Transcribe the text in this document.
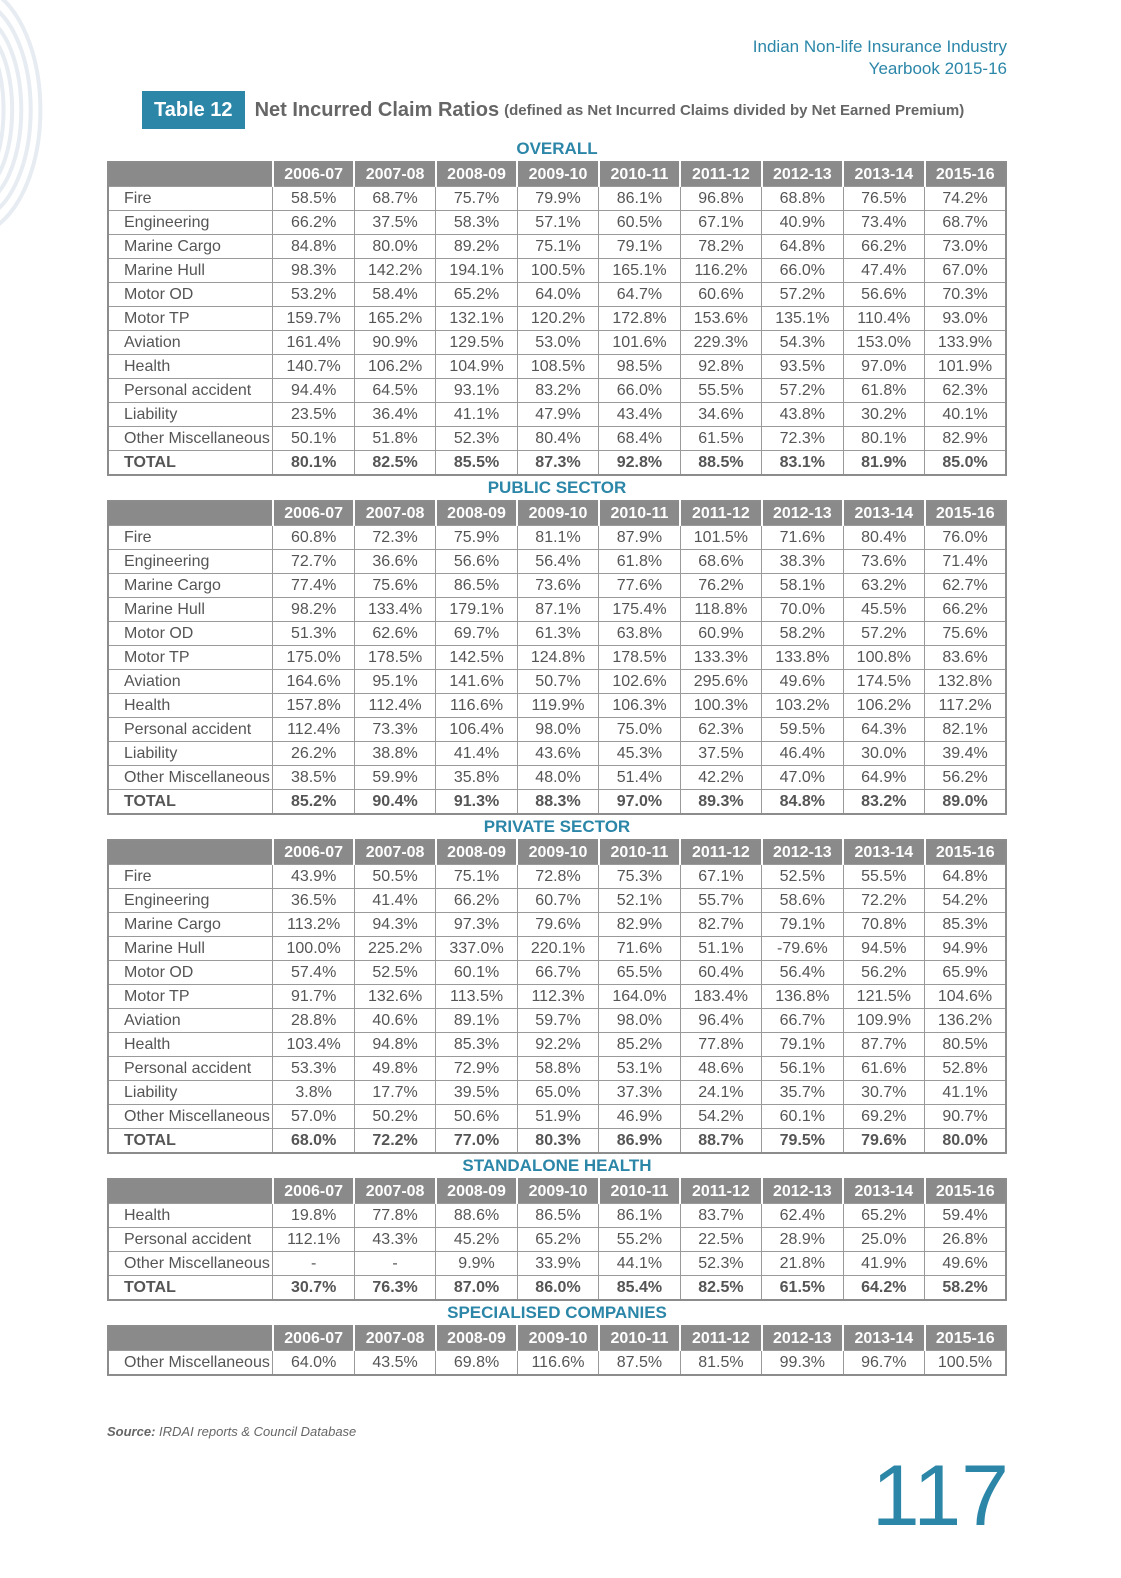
Indian Non-life Insurance Industry
Yearbook 2015-16
Table 12	Net Incurred Claim Ratios (defined as Net Incurred Claims divided by Net Earned Premium)
OVERALL
	2006-07	2007-08	2008-09	2009-10	2010-11	2011-12	2012-13	2013-14	2015-16
Fire	58.5%	68.7%	75.7%	79.9%	86.1%	96.8%	68.8%	76.5%	74.2%
Engineering	66.2%	37.5%	58.3%	57.1%	60.5%	67.1%	40.9%	73.4%	68.7%
Marine Cargo	84.8%	80.0%	89.2%	75.1%	79.1%	78.2%	64.8%	66.2%	73.0%
Marine Hull	98.3%	142.2%	194.1%	100.5%	165.1%	116.2%	66.0%	47.4%	67.0%
Motor OD	53.2%	58.4%	65.2%	64.0%	64.7%	60.6%	57.2%	56.6%	70.3%
Motor TP	159.7%	165.2%	132.1%	120.2%	172.8%	153.6%	135.1%	110.4%	93.0%
Aviation	161.4%	90.9%	129.5%	53.0%	101.6%	229.3%	54.3%	153.0%	133.9%
Health	140.7%	106.2%	104.9%	108.5%	98.5%	92.8%	93.5%	97.0%	101.9%
Personal accident	94.4%	64.5%	93.1%	83.2%	66.0%	55.5%	57.2%	61.8%	62.3%
Liability	23.5%	36.4%	41.1%	47.9%	43.4%	34.6%	43.8%	30.2%	40.1%
Other Miscellaneous	50.1%	51.8%	52.3%	80.4%	68.4%	61.5%	72.3%	80.1%	82.9%
TOTAL	80.1%	82.5%	85.5%	87.3%	92.8%	88.5%	83.1%	81.9%	85.0%
PUBLIC SECTOR
	2006-07	2007-08	2008-09	2009-10	2010-11	2011-12	2012-13	2013-14	2015-16
Fire	60.8%	72.3%	75.9%	81.1%	87.9%	101.5%	71.6%	80.4%	76.0%
Engineering	72.7%	36.6%	56.6%	56.4%	61.8%	68.6%	38.3%	73.6%	71.4%
Marine Cargo	77.4%	75.6%	86.5%	73.6%	77.6%	76.2%	58.1%	63.2%	62.7%
Marine Hull	98.2%	133.4%	179.1%	87.1%	175.4%	118.8%	70.0%	45.5%	66.2%
Motor OD	51.3%	62.6%	69.7%	61.3%	63.8%	60.9%	58.2%	57.2%	75.6%
Motor TP	175.0%	178.5%	142.5%	124.8%	178.5%	133.3%	133.8%	100.8%	83.6%
Aviation	164.6%	95.1%	141.6%	50.7%	102.6%	295.6%	49.6%	174.5%	132.8%
Health	157.8%	112.4%	116.6%	119.9%	106.3%	100.3%	103.2%	106.2%	117.2%
Personal accident	112.4%	73.3%	106.4%	98.0%	75.0%	62.3%	59.5%	64.3%	82.1%
Liability	26.2%	38.8%	41.4%	43.6%	45.3%	37.5%	46.4%	30.0%	39.4%
Other Miscellaneous	38.5%	59.9%	35.8%	48.0%	51.4%	42.2%	47.0%	64.9%	56.2%
TOTAL	85.2%	90.4%	91.3%	88.3%	97.0%	89.3%	84.8%	83.2%	89.0%
PRIVATE SECTOR
	2006-07	2007-08	2008-09	2009-10	2010-11	2011-12	2012-13	2013-14	2015-16
Fire	43.9%	50.5%	75.1%	72.8%	75.3%	67.1%	52.5%	55.5%	64.8%
Engineering	36.5%	41.4%	66.2%	60.7%	52.1%	55.7%	58.6%	72.2%	54.2%
Marine Cargo	113.2%	94.3%	97.3%	79.6%	82.9%	82.7%	79.1%	70.8%	85.3%
Marine Hull	100.0%	225.2%	337.0%	220.1%	71.6%	51.1%	-79.6%	94.5%	94.9%
Motor OD	57.4%	52.5%	60.1%	66.7%	65.5%	60.4%	56.4%	56.2%	65.9%
Motor TP	91.7%	132.6%	113.5%	112.3%	164.0%	183.4%	136.8%	121.5%	104.6%
Aviation	28.8%	40.6%	89.1%	59.7%	98.0%	96.4%	66.7%	109.9%	136.2%
Health	103.4%	94.8%	85.3%	92.2%	85.2%	77.8%	79.1%	87.7%	80.5%
Personal accident	53.3%	49.8%	72.9%	58.8%	53.1%	48.6%	56.1%	61.6%	52.8%
Liability	3.8%	17.7%	39.5%	65.0%	37.3%	24.1%	35.7%	30.7%	41.1%
Other Miscellaneous	57.0%	50.2%	50.6%	51.9%	46.9%	54.2%	60.1%	69.2%	90.7%
TOTAL	68.0%	72.2%	77.0%	80.3%	86.9%	88.7%	79.5%	79.6%	80.0%
STANDALONE HEALTH
	2006-07	2007-08	2008-09	2009-10	2010-11	2011-12	2012-13	2013-14	2015-16
Health	19.8%	77.8%	88.6%	86.5%	86.1%	83.7%	62.4%	65.2%	59.4%
Personal accident	112.1%	43.3%	45.2%	65.2%	55.2%	22.5%	28.9%	25.0%	26.8%
Other Miscellaneous	-	-	9.9%	33.9%	44.1%	52.3%	21.8%	41.9%	49.6%
TOTAL	30.7%	76.3%	87.0%	86.0%	85.4%	82.5%	61.5%	64.2%	58.2%
SPECIALISED COMPANIES
	2006-07	2007-08	2008-09	2009-10	2010-11	2011-12	2012-13	2013-14	2015-16
Other Miscellaneous	64.0%	43.5%	69.8%	116.6%	87.5%	81.5%	99.3%	96.7%	100.5%
Source: IRDAI reports & Council Database
117
